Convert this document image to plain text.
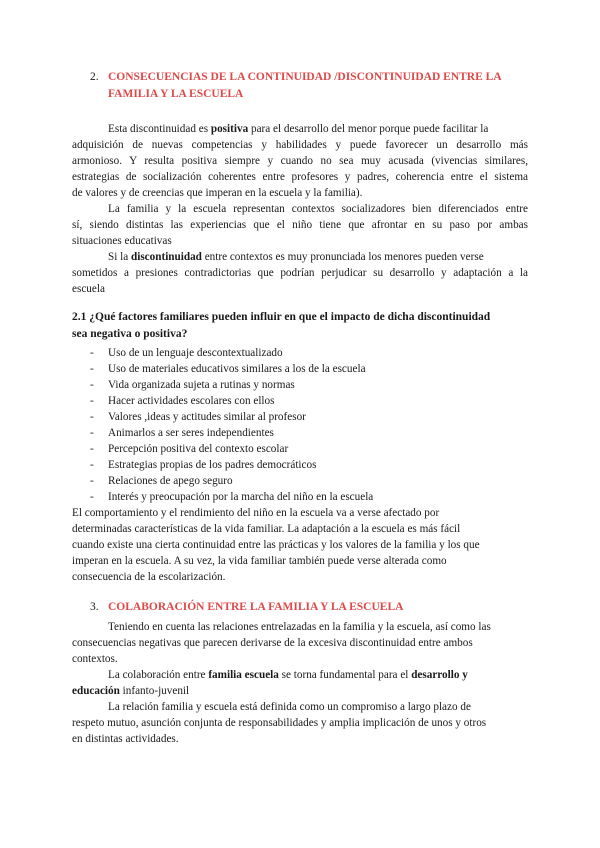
2. CONSECUENCIAS DE LA CONTINUIDAD /DISCONTINUIDAD ENTRE LA
FAMILIA Y LA ESCUELA
Esta discontinuidad es positiva para el desarrollo del menor porque puede facilitar la
adquisición de nuevas competencias y habilidades y puede favorecer un desarrollo más
armonioso. Y resulta positiva siempre y cuando no sea muy acusada (vivencias similares,
estrategias de socialización coherentes entre profesores y padres, coherencia entre el sistema
de valores y de creencias que imperan en la escuela y la familia).
La familia y la escuela representan contextos socializadores bien diferenciados entre
sí, siendo distintas las experiencias que el niño tiene que afrontar en su paso por ambas
situaciones educativas
Si la discontinuidad entre contextos es muy pronunciada los menores pueden verse
sometidos a presiones contradictorias que podrían perjudicar su desarrollo y adaptación a la
escuela
2.1 ¿Qué factores familiares pueden influir en que el impacto de dicha discontinuidad
sea negativa o positiva?
-	Uso de un lenguaje descontextualizado
-	Uso de materiales educativos similares a los de la escuela
-	Vida organizada sujeta a rutinas y normas
-	Hacer actividades escolares con ellos
-	Valores ,ideas y actitudes similar al profesor
-	Animarlos a ser seres independientes
-	Percepción positiva del contexto escolar
-	Estrategias propias de los padres democráticos
-	Relaciones de apego seguro
-	Interés y preocupación por la marcha del niño en la escuela
El comportamiento y el rendimiento del niño en la escuela va a verse afectado por
determinadas características de la vida familiar. La adaptación a la escuela es más fácil
cuando existe una cierta continuidad entre las prácticas y los valores de la familia y los que
imperan en la escuela. A su vez, la vida familiar también puede verse alterada como
consecuencia de la escolarización.
3. COLABORACIÓN ENTRE LA FAMILIA Y LA ESCUELA
Teniendo en cuenta las relaciones entrelazadas en la familia y la escuela, así como las
consecuencias negativas que parecen derivarse de la excesiva discontinuidad entre ambos
contextos.
La colaboración entre familia escuela se torna fundamental para el desarrollo y
educación infanto-juvenil
La relación familia y escuela está definida como un compromiso a largo plazo de
respeto mutuo, asunción conjunta de responsabilidades y amplia implicación de unos y otros
en distintas actividades.
